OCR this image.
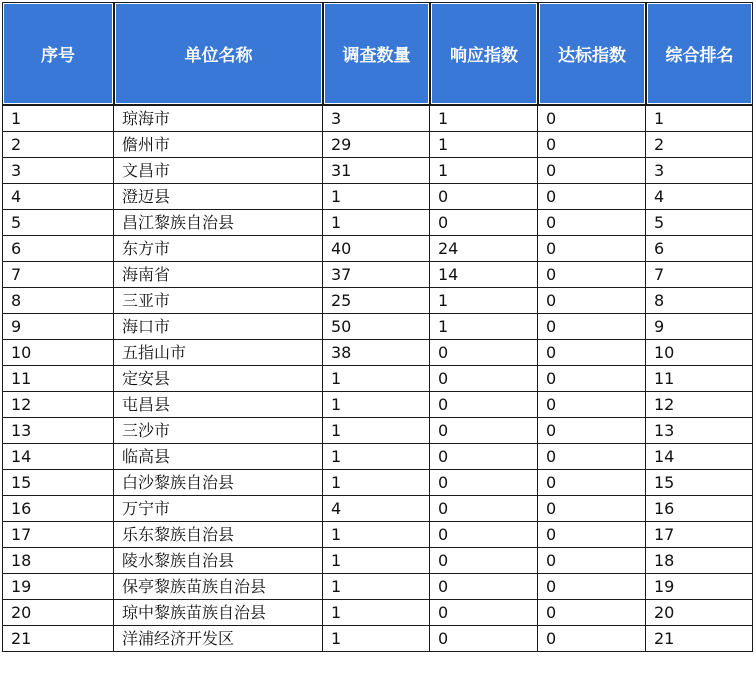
序号	单位名称	调查数量	响应指数	达标指数	综合排名
1	琼海市	3	1	0	1
2	儋州市	29	1	0	2
3	文昌市	31	1	0	3
4	澄迈县	1	0	0	4
5	昌江黎族自治县	1	0	0	5
6	东方市	40	24	0	6
7	海南省	37	14	0	7
8	三亚市	25	1	0	8
9	海口市	50	1	0	9
10	五指山市	38	0	0	10
11	定安县	1	0	0	11
12	屯昌县	1	0	0	12
13	三沙市	1	0	0	13
14	临高县	1	0	0	14
15	白沙黎族自治县	1	0	0	15
16	万宁市	4	0	0	16
17	乐东黎族自治县	1	0	0	17
18	陵水黎族自治县	1	0	0	18
19	保亭黎族苗族自治县	1	0	0	19
20	琼中黎族苗族自治县	1	0	0	20
21	洋浦经济开发区	1	0	0	21
